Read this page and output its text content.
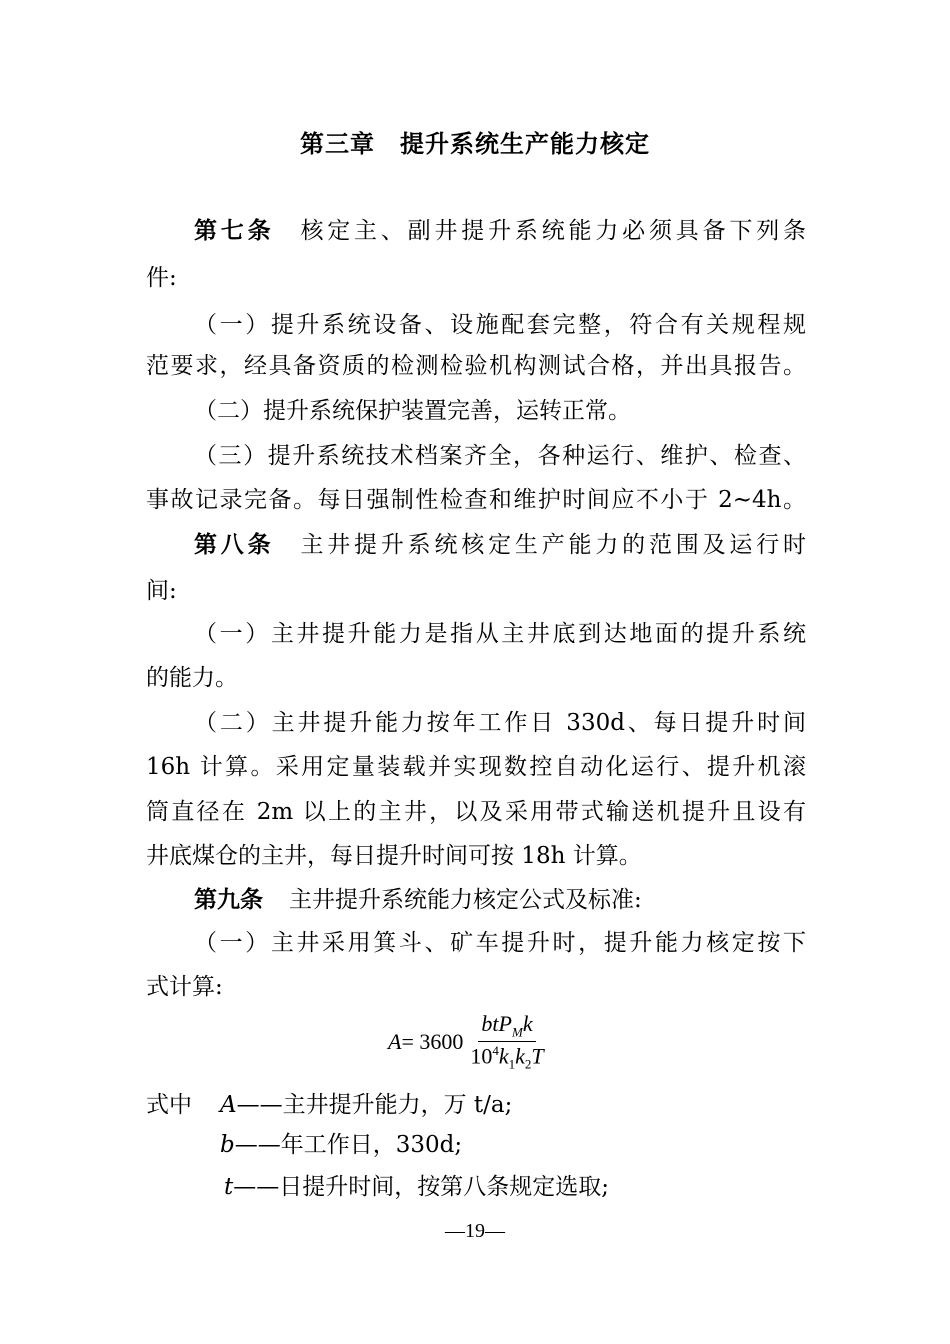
第三章　提升系统生产能力核定
第七条 核定主、副井提升系统能力必须具备下列条
件:
（一）提升系统设备、设施配套完整，符合有关规程规
范要求，经具备资质的检测检验机构测试合格，并出具报告。
（二）提升系统保护装置完善，运转正常。
（三）提升系统技术档案齐全，各种运行、维护、检查、
事故记录完备。每日强制性检查和维护时间应不小于 2~4h。
第八条 主井提升系统核定生产能力的范围及运行时
间:
（一）主井提升能力是指从主井底到达地面的提升系统
的能力。
（二）主井提升能力按年工作日 330d、每日提升时间
16h 计算。采用定量装载并实现数控自动化运行、提升机滚
筒直径在 2m 以上的主井，以及采用带式输送机提升且设有
井底煤仓的主井，每日提升时间可按 18h 计算。
第九条 主井提升系统能力核定公式及标准:
（一）主井采用箕斗、矿车提升时，提升能力核定按下
式计算:
$A = 3600 \frac{btP_Mk}{10^4k_1k_2T}$
式中 A——主井提升能力，万 t/a;
b——年工作日，330d;
t——日提升时间，按第八条规定选取;
—19—
